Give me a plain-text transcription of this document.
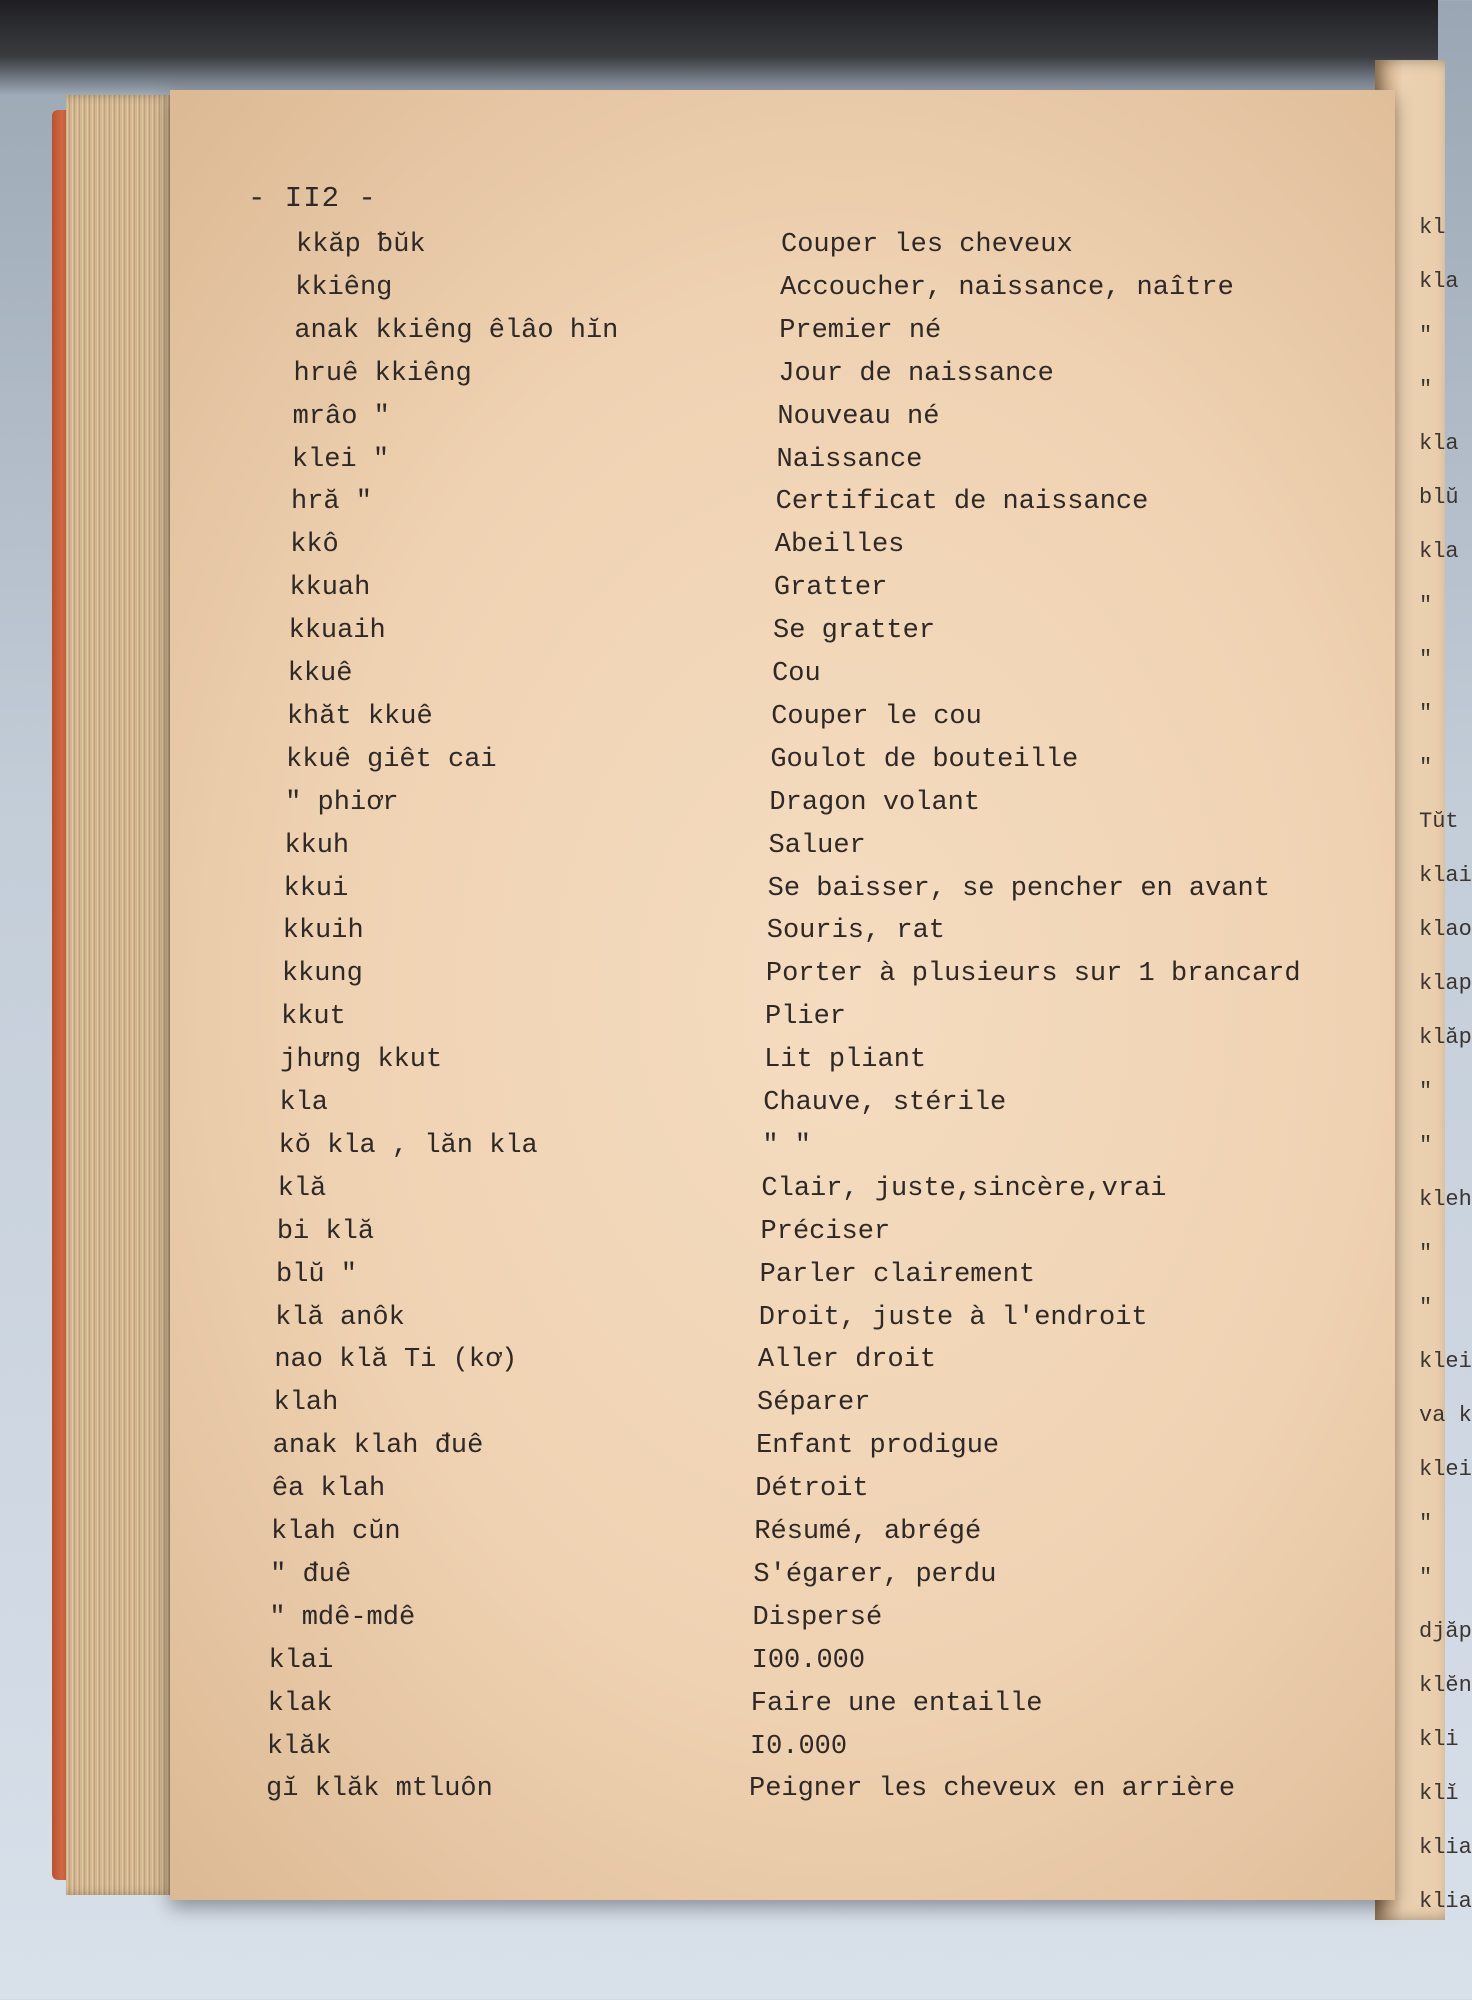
kl
kla
"
"
kla
blŭ
kla
"
"
"
"
Tŭt
klai
klao
klap
klăp
"
"
kleh
"
"
klei
va k
klei
"
"
djăp
klĕn
kli
klĭ
klia
klia
- II2 -
kkăp ƀŭk	Couper les cheveux
kkiêng	Accoucher, naissance, naître
anak kkiêng êlâo hĭn	Premier né
hruê kkiêng	Jour de naissance
mrâo "	Nouveau né
klei "	Naissance
hră "	Certificat de naissance
kkô	Abeilles
kkuah	Gratter
kkuaih	Se gratter
kkuê	Cou
khăt kkuê	Couper le cou
kkuê giêt cai	Goulot de bouteille
" phiơr	Dragon volant
kkuh	Saluer
kkui	Se baisser, se pencher en avant
kkuih	Souris, rat
kkung	Porter à plusieurs sur 1 brancard
kkut	Plier
jhưng kkut	Lit pliant
kla	Chauve, stérile
kŏ kla , lăn kla	" "
klă	Clair, juste,sincère,vrai
bi klă	Préciser
blŭ "	Parler clairement
klă anôk	Droit, juste à l'endroit
nao klă Ti (kơ)	Aller droit
klah	Séparer
anak klah đuê	Enfant prodigue
êa klah	Détroit
klah cŭn	Résumé, abrégé
" đuê	S'égarer, perdu
" mdê-mdê	Dispersé
klai	I00.000
klak	Faire une entaille
klăk	I0.000
gĭ klăk mtluôn	Peigner les cheveux en arrière
